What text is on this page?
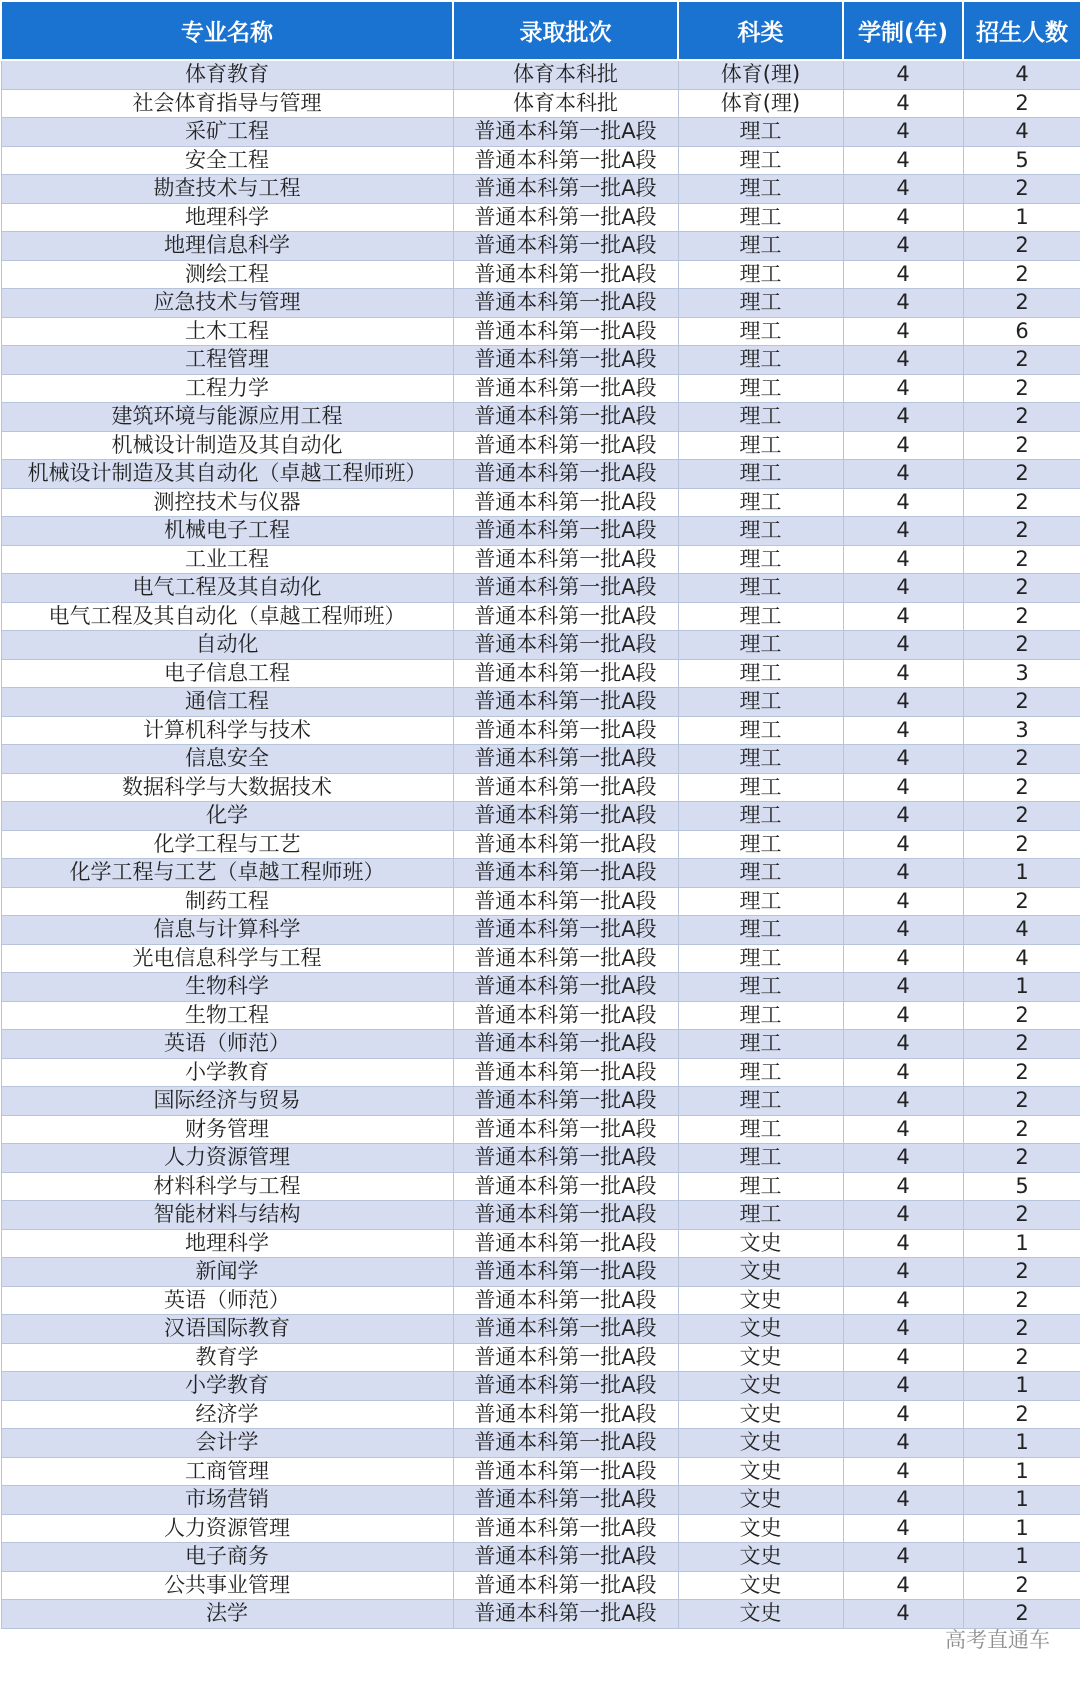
专业名称	录取批次	科类	学制(年)	招生人数
体育教育	体育本科批	体育(理)	4	4
社会体育指导与管理	体育本科批	体育(理)	4	2
采矿工程	普通本科第一批A段	理工	4	4
安全工程	普通本科第一批A段	理工	4	5
勘查技术与工程	普通本科第一批A段	理工	4	2
地理科学	普通本科第一批A段	理工	4	1
地理信息科学	普通本科第一批A段	理工	4	2
测绘工程	普通本科第一批A段	理工	4	2
应急技术与管理	普通本科第一批A段	理工	4	2
土木工程	普通本科第一批A段	理工	4	6
工程管理	普通本科第一批A段	理工	4	2
工程力学	普通本科第一批A段	理工	4	2
建筑环境与能源应用工程	普通本科第一批A段	理工	4	2
机械设计制造及其自动化	普通本科第一批A段	理工	4	2
机械设计制造及其自动化（卓越工程师班）	普通本科第一批A段	理工	4	2
测控技术与仪器	普通本科第一批A段	理工	4	2
机械电子工程	普通本科第一批A段	理工	4	2
工业工程	普通本科第一批A段	理工	4	2
电气工程及其自动化	普通本科第一批A段	理工	4	2
电气工程及其自动化（卓越工程师班）	普通本科第一批A段	理工	4	2
自动化	普通本科第一批A段	理工	4	2
电子信息工程	普通本科第一批A段	理工	4	3
通信工程	普通本科第一批A段	理工	4	2
计算机科学与技术	普通本科第一批A段	理工	4	3
信息安全	普通本科第一批A段	理工	4	2
数据科学与大数据技术	普通本科第一批A段	理工	4	2
化学	普通本科第一批A段	理工	4	2
化学工程与工艺	普通本科第一批A段	理工	4	2
化学工程与工艺（卓越工程师班）	普通本科第一批A段	理工	4	1
制药工程	普通本科第一批A段	理工	4	2
信息与计算科学	普通本科第一批A段	理工	4	4
光电信息科学与工程	普通本科第一批A段	理工	4	4
生物科学	普通本科第一批A段	理工	4	1
生物工程	普通本科第一批A段	理工	4	2
英语（师范）	普通本科第一批A段	理工	4	2
小学教育	普通本科第一批A段	理工	4	2
国际经济与贸易	普通本科第一批A段	理工	4	2
财务管理	普通本科第一批A段	理工	4	2
人力资源管理	普通本科第一批A段	理工	4	2
材料科学与工程	普通本科第一批A段	理工	4	5
智能材料与结构	普通本科第一批A段	理工	4	2
地理科学	普通本科第一批A段	文史	4	1
新闻学	普通本科第一批A段	文史	4	2
英语（师范）	普通本科第一批A段	文史	4	2
汉语国际教育	普通本科第一批A段	文史	4	2
教育学	普通本科第一批A段	文史	4	2
小学教育	普通本科第一批A段	文史	4	1
经济学	普通本科第一批A段	文史	4	2
会计学	普通本科第一批A段	文史	4	1
工商管理	普通本科第一批A段	文史	4	1
市场营销	普通本科第一批A段	文史	4	1
人力资源管理	普通本科第一批A段	文史	4	1
电子商务	普通本科第一批A段	文史	4	1
公共事业管理	普通本科第一批A段	文史	4	2
法学	普通本科第一批A段	文史	4	2
高考直通车
